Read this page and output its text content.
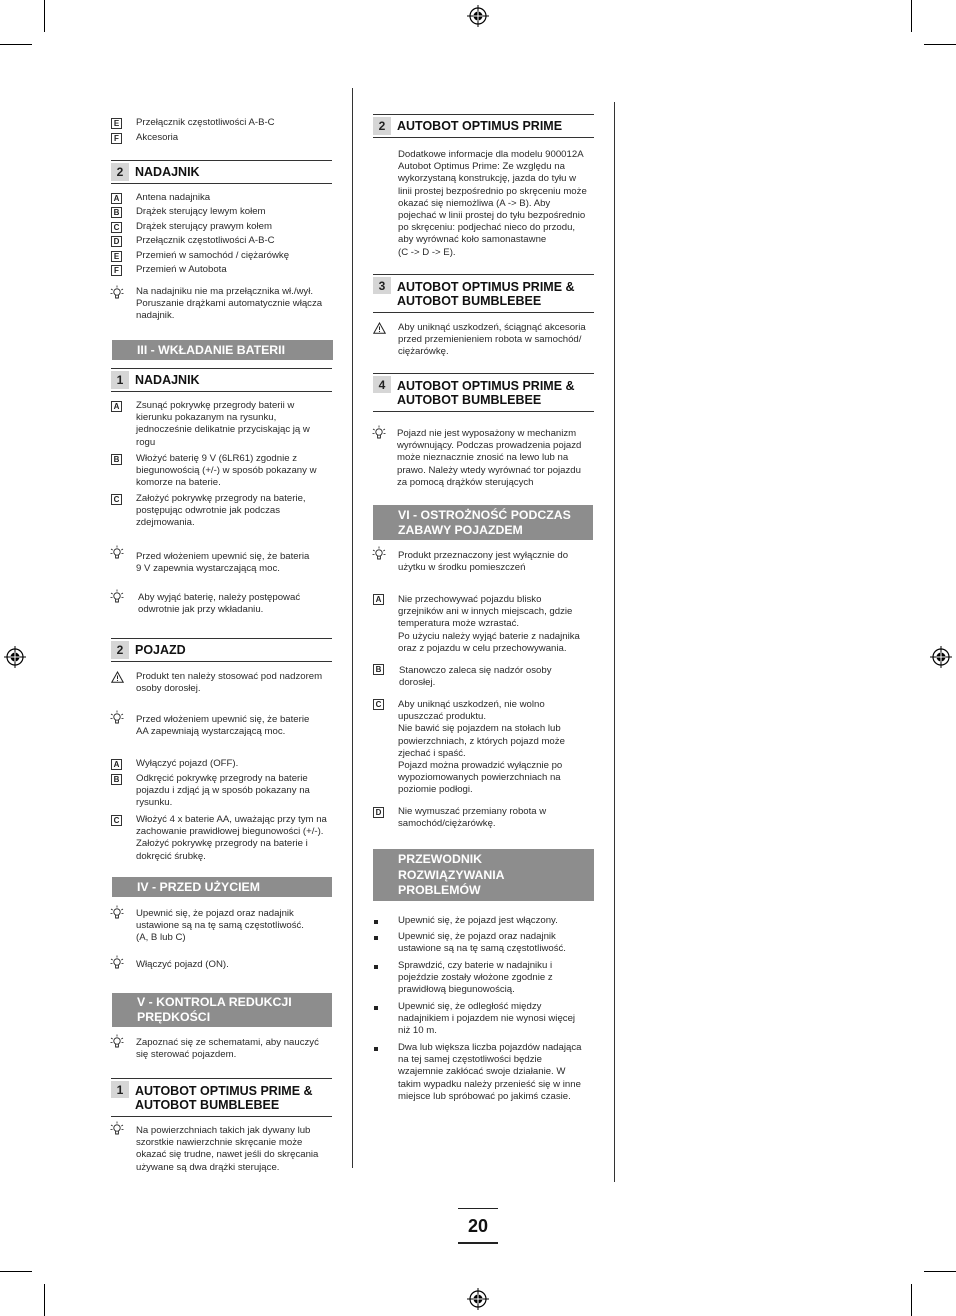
E Przełącznik częstotliwości A-B-C
F	Akcesoria
2 NADAJNIK
A Antena nadajnika
B Drążek sterujący lewym kołem
C Drążek sterujący prawym kołem
D Przełącznik częstotliwości A-B-C
E Przemień w samochód / ciężarówkę
F	Przemień w Autobota
Na nadajniku nie ma przełącznika wł./wył.
Poruszanie drążkami automatycznie włącza
nadajnik.
III - WKŁADANIE BATERII
1 NADAJNIK
A Zsunąć pokrywkę przegrody baterii w
kierunku pokazanym na rysunku,
jednocześnie delikatnie przyciskając ją w
rogu
B Włożyć baterię 9 V (6LR61) zgodnie z
biegunowością (+/-) w sposób pokazany w
komorze na baterie.
C Założyć pokrywkę przegrody na baterie,
postępując odwrotnie jak podczas
zdejmowania.
Przed włożeniem upewnić się, że bateria
9 V zapewnia wystarczającą moc.
Aby wyjąć baterię, należy postępować
odwrotnie jak przy wkładaniu.
2 POJAZD
Produkt ten należy stosować pod nadzorem
osoby dorosłej.
Przed włożeniem upewnić się, że baterie
AA zapewniają wystarczającą moc.
A Wyłączyć pojazd (OFF).
B Odkręcić pokrywkę przegrody na baterie
pojazdu i zdjąć ją w sposób pokazany na
rysunku.
C Włożyć 4 x baterie AA, uważając przy tym na
zachowanie prawidłowej biegunowości (+/-).
Założyć pokrywkę przegrody na baterie i
dokręcić śrubkę.
IV - PRZED UŻYCIEM
Upewnić się, że pojazd oraz nadajnik
ustawione są na tę samą częstotliwość.
(A, B lub C)
Włączyć pojazd (ON).
V - KONTROLA REDUKCJI
PRĘDKOŚCI
Zapoznać się ze schematami, aby nauczyć
się sterować pojazdem.
1 AUTOBOT OPTIMUS PRIME &
AUTOBOT BUMBLEBEE
Na powierzchniach takich jak dywany lub
szorstkie nawierzchnie skręcanie może
okazać się trudne, nawet jeśli do skręcania
używane są dwa drążki sterujące.
2 AUTOBOT OPTIMUS PRIME
Dodatkowe informacje dla modelu 900012A
Autobot Optimus Prime: Ze względu na
wykorzystaną konstrukcję, jazda do tyłu w
linii prostej bezpośrednio po skręceniu może
okazać się niemożliwa (A -> B). Aby
pojechać w linii prostej do tyłu bezpośrednio
po skręceniu: podjechać nieco do przodu,
aby wyrównać koło samonastawne
(C -> D -> E).
3 AUTOBOT OPTIMUS PRIME &
AUTOBOT BUMBLEBEE
Aby uniknąć uszkodzeń, ściągnąć akcesoria
przed przemienieniem robota w samochód/
ciężarówkę.
4 AUTOBOT OPTIMUS PRIME &
AUTOBOT BUMBLEBEE
Pojazd nie jest wyposażony w mechanizm
wyrównujący. Podczas prowadzenia pojazd
może nieznacznie znosić na lewo lub na
prawo. Należy wtedy wyrównać tor pojazdu
za pomocą drążków sterujących
VI - OSTROŻNOŚĆ PODCZAS
ZABAWY POJAZDEM
Produkt przeznaczony jest wyłącznie do
użytku w środku pomieszczeń
A Nie przechowywać pojazdu blisko
grzejników ani w innych miejscach, gdzie
temperatura może wzrastać.
Po użyciu należy wyjąć baterie z nadajnika
oraz z pojazdu w celu przechowywania.
B Stanowczo zaleca się nadzór osoby
dorosłej.
C Aby uniknąć uszkodzeń, nie wolno
upuszczać produktu.
Nie bawić się pojazdem na stołach lub
powierzchniach, z których pojazd może
zjechać i spaść.
Pojazd można prowadzić wyłącznie po
wypoziomowanych powierzchniach na
poziomie podłogi.
D Nie wymuszać przemiany robota w
samochód/ciężarówkę.
PRZEWODNIK
ROZWIĄZYWANIA
PROBLEMÓW
Upewnić się, że pojazd jest włączony.
Upewnić się, że pojazd oraz nadajnik
ustawione są na tę samą częstotliwość.
Sprawdzić, czy baterie w nadajniku i
pojeździe zostały włożone zgodnie z
prawidłową biegunowością.
Upewnić się, że odległość między
nadajnikiem i pojazdem nie wynosi więcej
niż 10 m.
Dwa lub większa liczba pojazdów nadająca
na tej samej częstotliwości będzie
wzajemnie zakłócać swoje działanie. W
takim wypadku należy przenieść się w inne
miejsce lub spróbować po jakimś czasie.
20
